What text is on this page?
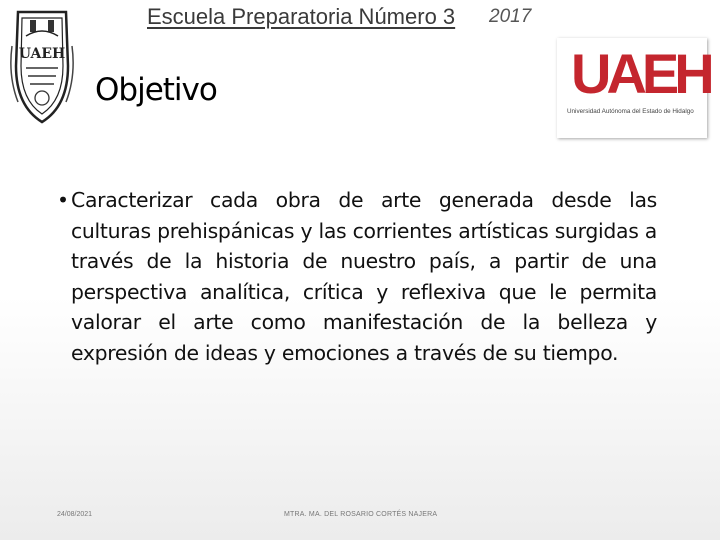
Escuela Preparatoria Número 3 2017
UAEH
Objetivo	UAEH
Universidad Autónoma del Estado de Hidalgo
• Caracterizar cada obra de arte generada desde las culturas prehispánicas y las corrientes artísticas surgidas a través de la historia de nuestro país, a partir de una perspectiva analítica, crítica y reflexiva que le permita valorar el arte como manifestación de la belleza y expresión de ideas y emociones a través de su tiempo.
24/08/2021	MTRA. MA. DEL ROSARIO CORTÉS NAJERA
